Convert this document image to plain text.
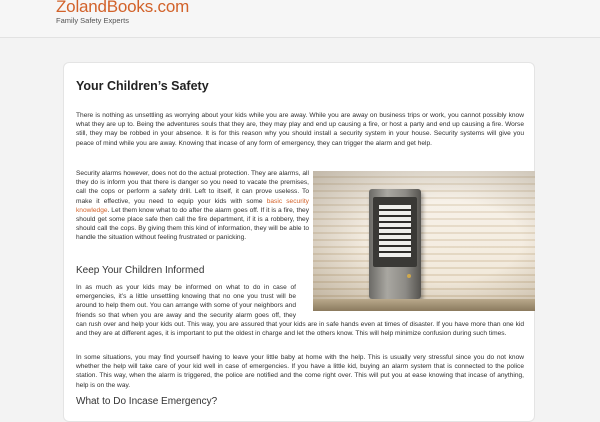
ZolandBooks.com
Family Safety Experts
Your Children’s Safety

There is nothing as unsettling as worrying about your kids while you are away. While you are away on business trips or work, you cannot possibly know what they are up to. Being the adventures souls that they are, they may play and end up causing a fire, or host a party and end up causing a fire. Worse still, they may be robbed in your absence. It is for this reason why you should install a security system in your house. Security systems will give you peace of mind while you are away. Knowing that incase of any form of emergency, they can trigger the alarm and get help.

Security alarms however, does not do the actual protection. They are alarms, all they do is inform you that there is danger so you need to vacate the premises, call the cops or perform a safety drill. Left to itself, it can prove useless. To make it effective, you need to equip your kids with some basic security knowledge. Let them know what to do after the alarm goes off. If it is a fire, they should get some place safe then call the fire department, if it is a robbery, they should call the cops. By giving them this kind of information, they will be able to handle the situation without feeling frustrated or panicking.

Keep Your Children Informed

In as much as your kids may be informed on what to do in case of emergencies, it’s a little unsettling knowing that no one you trust will be around to help them out. You can arrange with some of your neighbors and friends so that when you are away and the security alarm goes off, they can rush over and help your kids out. This way, you are assured that your kids are in safe hands even at times of disaster. If you have more than one kid and they are at different ages, it is important to put the oldest in charge and let the others know. This will help minimize confusion during such times.

In some situations, you may find yourself having to leave your little baby at home with the help. This is usually very stressful since you do not know whether the help will take care of your kid well in case of emergencies. If you have a little kid, buying an alarm system that is connected to the police station. This way, when the alarm is triggered, the police are notified and the come right over. This will put you at ease knowing that incase of anything, help is on the way.

What to Do Incase Emergency?
